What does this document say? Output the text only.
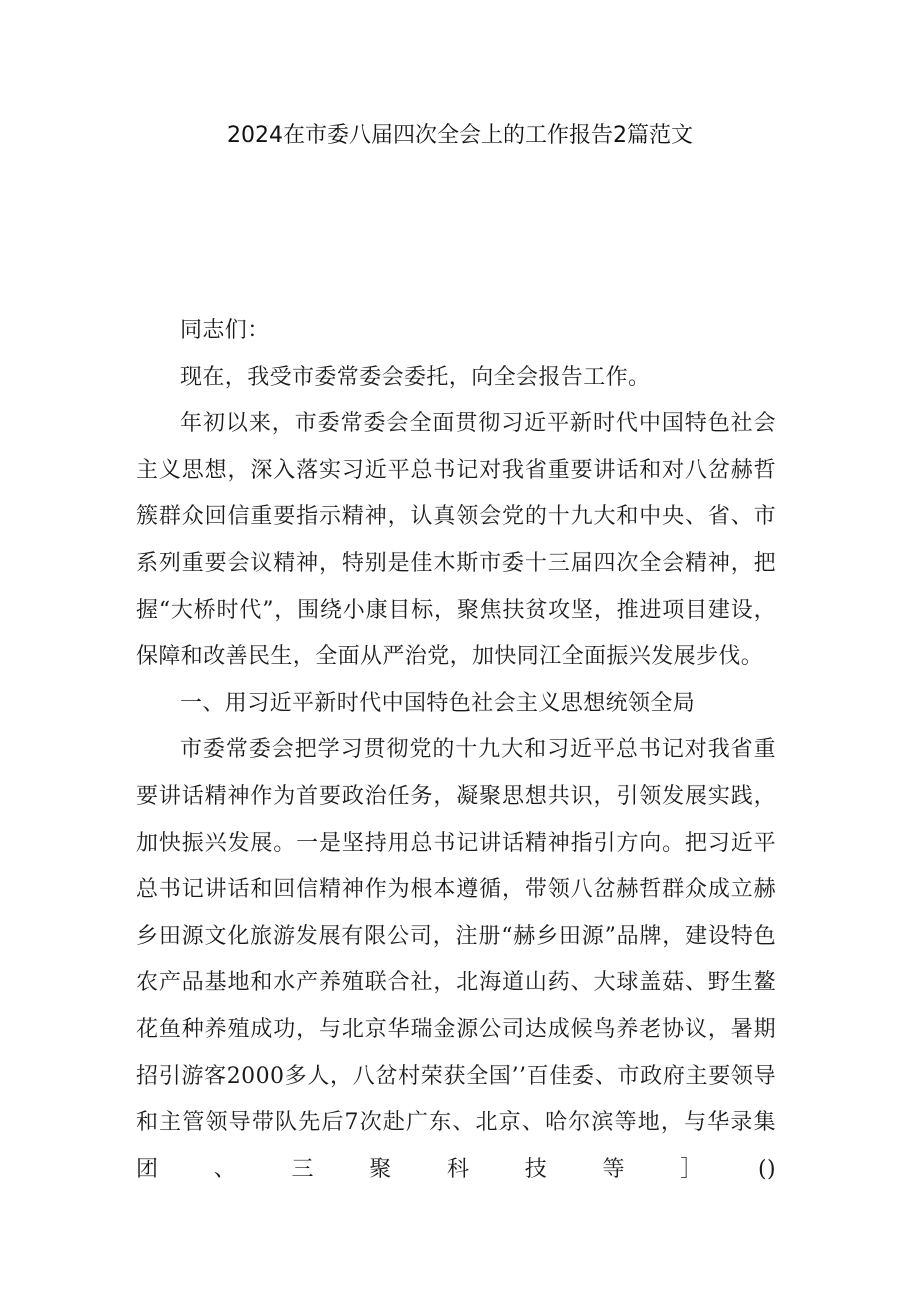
2024在市委八届四次全会上的工作报告2篇范文

同志们：

现在，我受市委常委会委托，向全会报告工作。

年初以来，市委常委会全面贯彻习近平新时代中国特色社会主义思想，深入落实习近平总书记对我省重要讲话和对八岔赫哲簇群众回信重要指示精神，认真领会党的十九大和中央、省、市系列重要会议精神，特别是佳木斯市委十三届四次全会精神，把握“大桥时代”，围绕小康目标，聚焦扶贫攻坚，推进项目建设，保障和改善民生，全面从严治党，加快同江全面振兴发展步伐。

一、用习近平新时代中国特色社会主义思想统领全局

市委常委会把学习贯彻党的十九大和习近平总书记对我省重要讲话精神作为首要政治任务，凝聚思想共识，引领发展实践，加快振兴发展。一是坚持用总书记讲话精神指引方向。把习近平总书记讲话和回信精神作为根本遵循，带领八岔赫哲群众成立赫乡田源文化旅游发展有限公司，注册“赫乡田源”品牌，建设特色农产品基地和水产养殖联合社，北海道山药、大球盖菇、野生鳌花鱼种养殖成功，与北京华瑞金源公司达成候鸟养老协议，暑期招引游客2000多人，八岔村荣获全国’’百佳委、市政府主要领导和主管领导带队先后7次赴广东、北京、哈尔滨等地，与华录集团、三聚科技等］()
